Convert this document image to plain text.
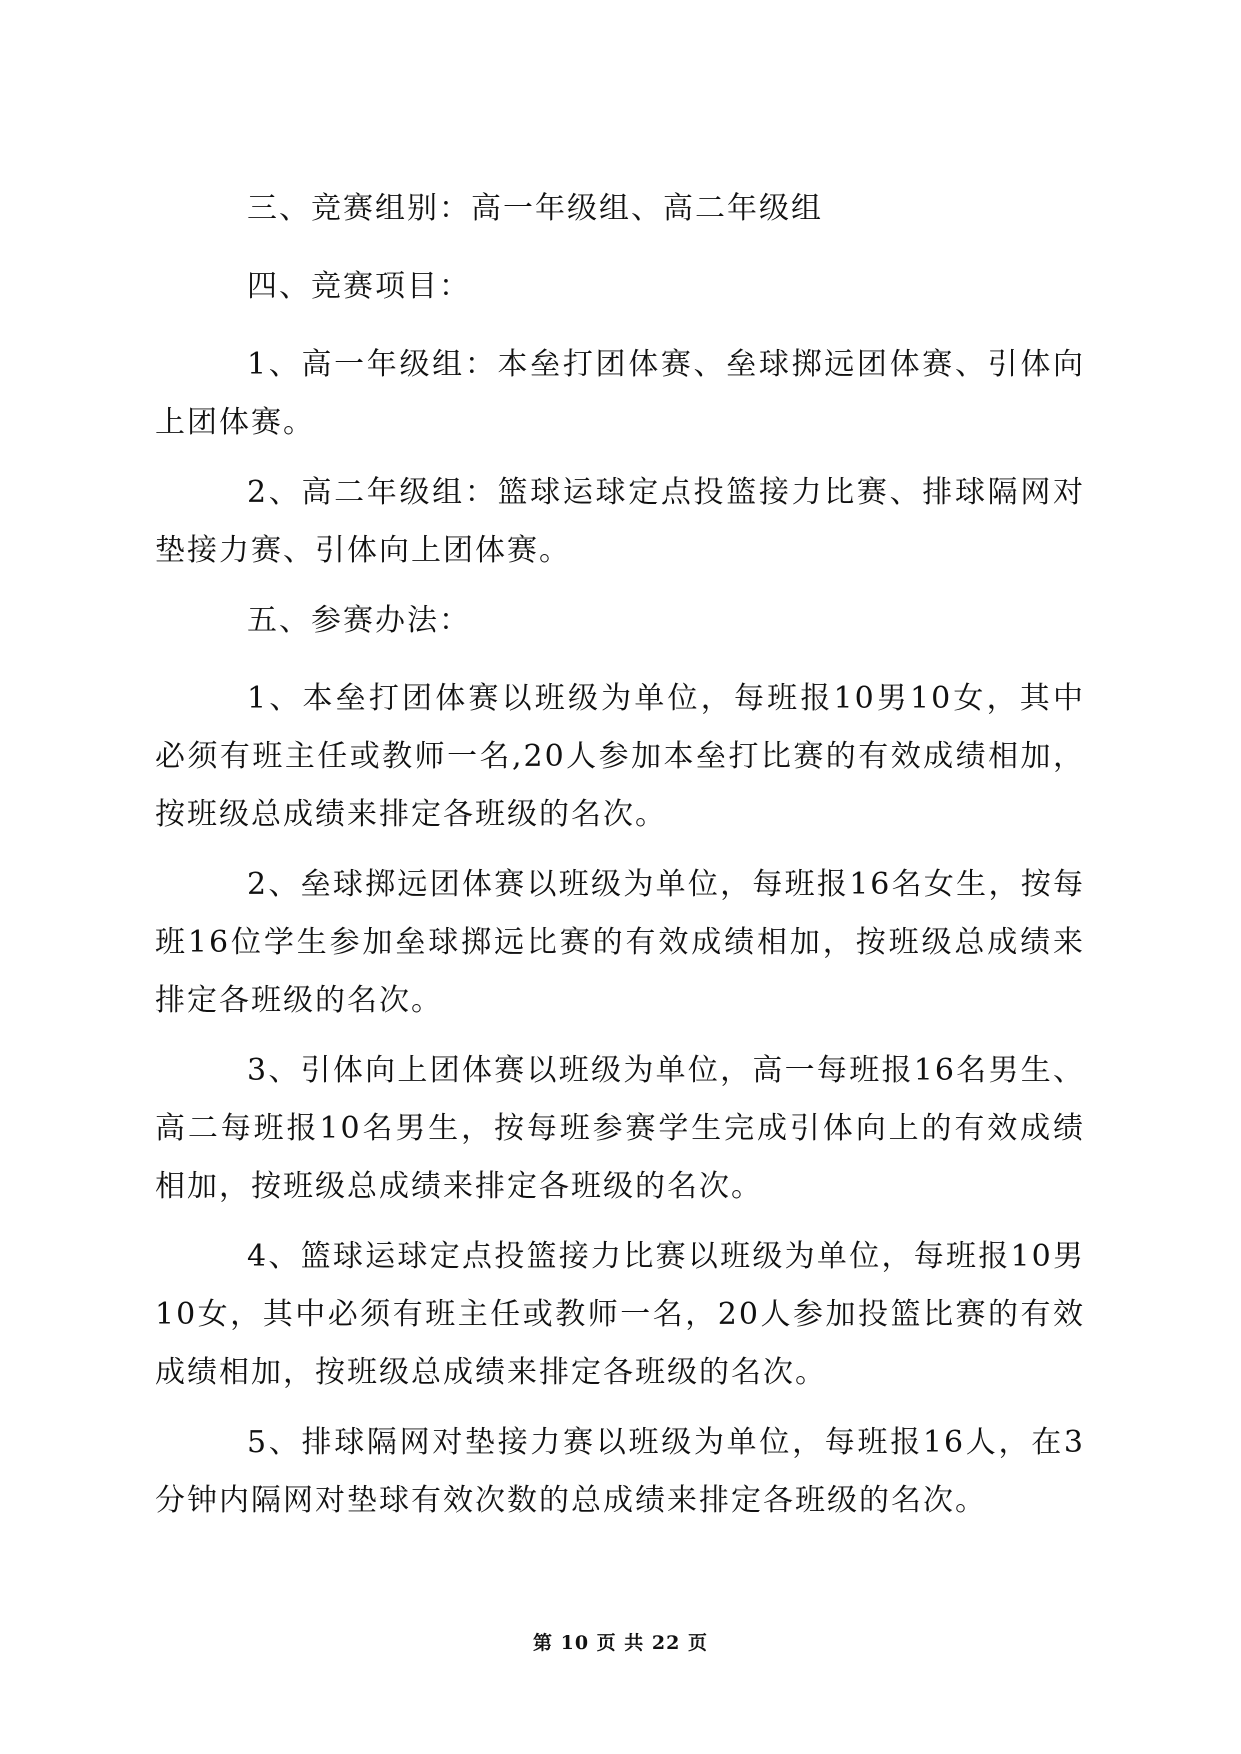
三、竞赛组别：高一年级组、高二年级组

四、竞赛项目：

1、高一年级组：本垒打团体赛、垒球掷远团体赛、引体向上团体赛。

2、高二年级组：篮球运球定点投篮接力比赛、排球隔网对垫接力赛、引体向上团体赛。

五、参赛办法：

1、本垒打团体赛以班级为单位，每班报10男10女，其中必须有班主任或教师一名,20人参加本垒打比赛的有效成绩相加，按班级总成绩来排定各班级的名次。

2、垒球掷远团体赛以班级为单位，每班报16名女生，按每班16位学生参加垒球掷远比赛的有效成绩相加，按班级总成绩来排定各班级的名次。

3、引体向上团体赛以班级为单位，高一每班报16名男生、高二每班报10名男生，按每班参赛学生完成引体向上的有效成绩相加，按班级总成绩来排定各班级的名次。

4、篮球运球定点投篮接力比赛以班级为单位，每班报10男10女，其中必须有班主任或教师一名，20人参加投篮比赛的有效成绩相加，按班级总成绩来排定各班级的名次。

5、排球隔网对垫接力赛以班级为单位，每班报16人，在3分钟内隔网对垫球有效次数的总成绩来排定各班级的名次。

第 10 页 共 22 页
